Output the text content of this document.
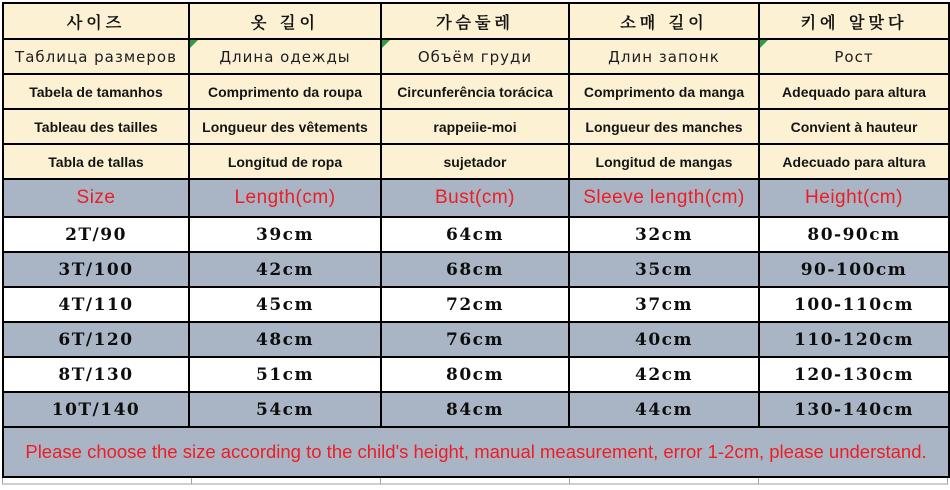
사이즈	옷 길이	가슴둘레	소매 길이	키에 알맞다
Таблица размеров	Длина одежды	Объём груди	Длин запонк	Рост
Tabela de tamanhos	Comprimento da roupa	Circunferência torácica	Comprimento da manga	Adequado para altura
Tableau des tailles	Longueur des vêtements	rappeiie-moi	Longueur des manches	Convient à hauteur
Tabla de tallas	Longitud de ropa	sujetador	Longitud de mangas	Adecuado para altura
Size	Length(cm)	Bust(cm)	Sleeve length(cm)	Height(cm)
2T/90	39cm	64cm	32cm	80-90cm
3T/100	42cm	68cm	35cm	90-100cm
4T/110	45cm	72cm	37cm	100-110cm
6T/120	48cm	76cm	40cm	110-120cm
8T/130	51cm	80cm	42cm	120-130cm
10T/140	54cm	84cm	44cm	130-140cm
Please choose the size according to the child's height, manual measurement, error 1-2cm, please understand.				
